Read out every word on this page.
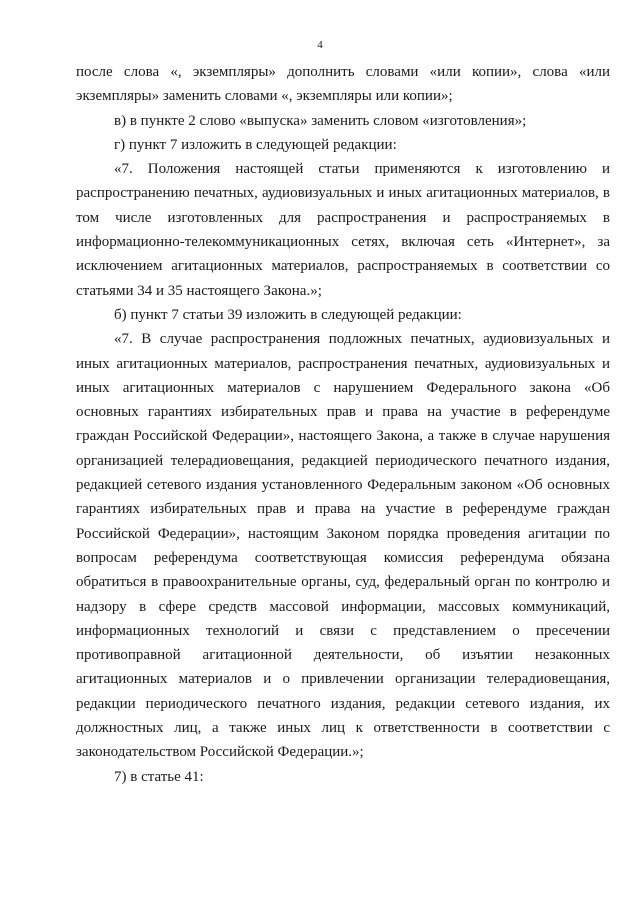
4

после слова «, экземпляры» дополнить словами «или копии», слова «или экземпляры» заменить словами «, экземпляры или копии»;

в) в пункте 2 слово «выпуска» заменить словом «изготовления»;

г) пункт 7 изложить в следующей редакции:

«7. Положения настоящей статьи применяются к изготовлению и распространению печатных, аудиовизуальных и иных агитационных материалов, в том числе изготовленных для распространения и распространяемых в информационно-телекоммуникационных сетях, включая сеть «Интернет», за исключением агитационных материалов, распространяемых в соответствии со статьями 34 и 35 настоящего Закона.»;

б) пункт 7 статьи 39 изложить в следующей редакции:

«7. В случае распространения подложных печатных, аудиовизуальных и иных агитационных материалов, распространения печатных, аудиовизуальных и иных агитационных материалов с нарушением Федерального закона «Об основных гарантиях избирательных прав и права на участие в референдуме граждан Российской Федерации», настоящего Закона, а также в случае нарушения организацией телерадиовещания, редакцией периодического печатного издания, редакцией сетевого издания установленного Федеральным законом «Об основных гарантиях избирательных прав и права на участие в референдуме граждан Российской Федерации», настоящим Законом порядка проведения агитации по вопросам референдума соответствующая комиссия референдума обязана обратиться в правоохранительные органы, суд, федеральный орган по контролю и надзору в сфере средств массовой информации, массовых коммуникаций, информационных технологий и связи с представлением о пресечении противоправной агитационной деятельности, об изъятии незаконных агитационных материалов и о привлечении организации телерадиовещания, редакции периодического печатного издания, редакции сетевого издания, их должностных лиц, а также иных лиц к ответственности в соответствии с законодательством Российской Федерации.»;

7) в статье 41:
